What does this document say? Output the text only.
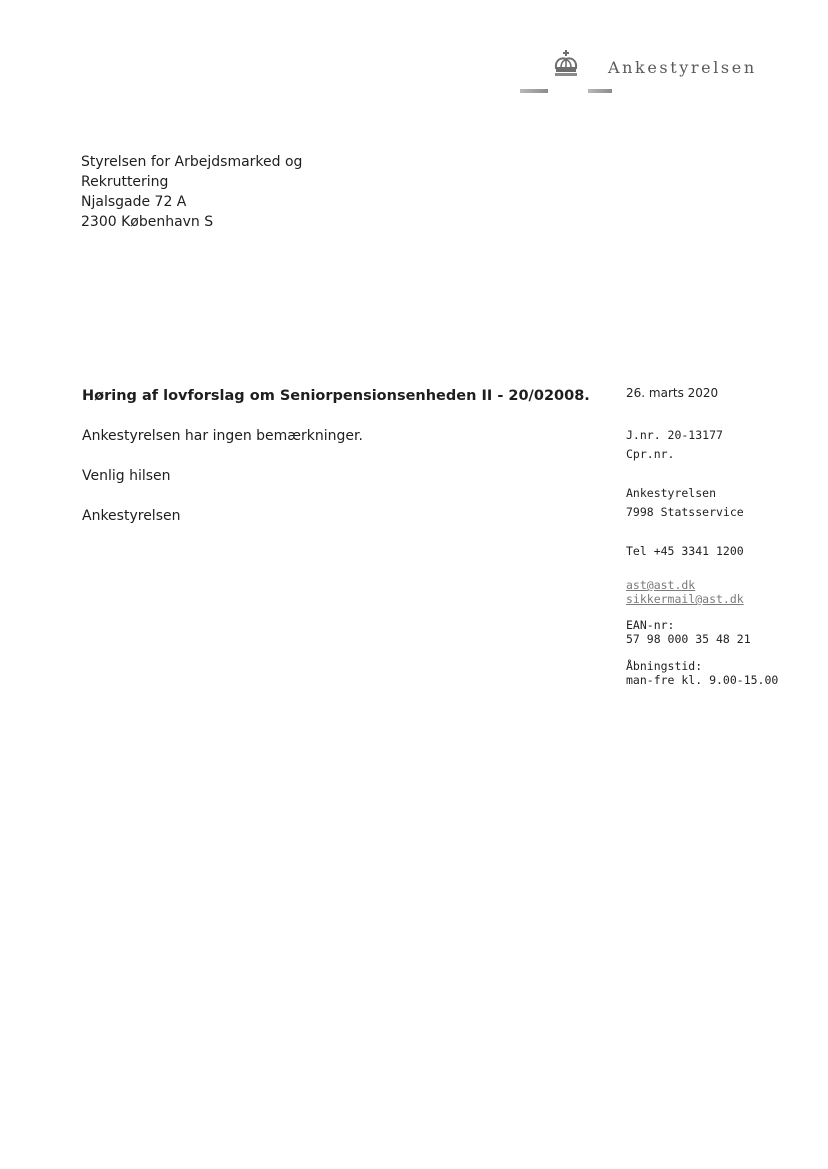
Ankestyrelsen
Styrelsen for Arbejdsmarked og
Rekruttering
Njalsgade 72 A
2300 København S
Høring af lovforslag om Seniorpensionsenheden II - 20/02008.
Ankestyrelsen har ingen bemærkninger.
Venlig hilsen
Ankestyrelsen
26. marts 2020
J.nr. 20-13177
Cpr.nr.
Ankestyrelsen
7998 Statsservice
Tel +45 3341 1200
ast@ast.dk
sikkermail@ast.dk
EAN-nr:
57 98 000 35 48 21
Åbningstid:
man-fre kl. 9.00-15.00
